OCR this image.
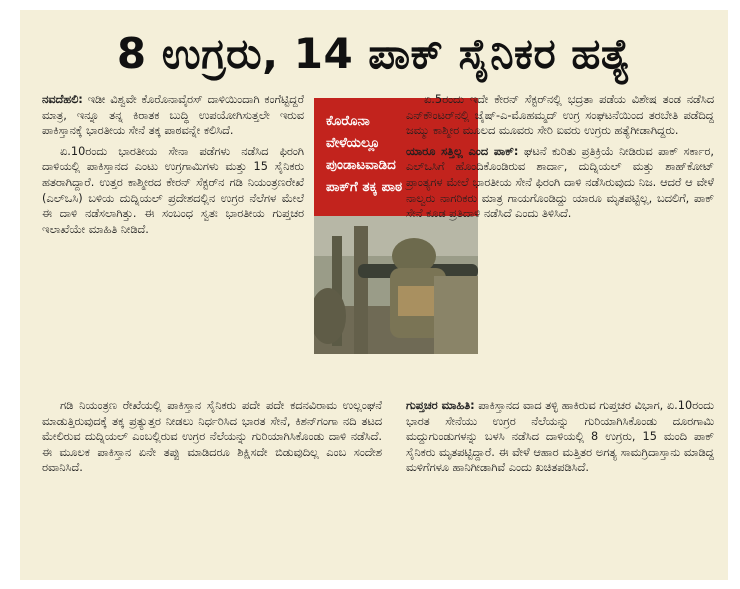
8 ಉಗ್ರರು, 14 ಪಾಕ್ ಸೈನಿಕರ ಹತ್ಯೆ

ನವದೆಹಲಿ: ಇಡೀ ವಿಶ್ವವೇ ಕೊರೊನಾವೈರಸ್ ದಾಳಿಯಿಂದಾಗಿ ಕಂಗೆಟ್ಟಿದ್ದರೆ ಮಾತ್ರ, ಇನ್ನೂ ತನ್ನ ಕಿರಾತಕ ಬುದ್ಧಿ ಉಪಯೋಗಿಸುತ್ತಲೇ ಇರುವ ಪಾಕಿಸ್ತಾನಕ್ಕೆ ಭಾರತೀಯ ಸೇನೆ ತಕ್ಕ ಪಾಠವನ್ನೇ ಕಲಿಸಿದೆ.

ಏ.10ರಂದು ಭಾರತೀಯ ಸೇನಾ ಪಡೆಗಳು ನಡೆಸಿದ ಫಿರಂಗಿ ದಾಳಿಯಲ್ಲಿ ಪಾಕಿಸ್ತಾನದ ಎಂಟು ಉಗ್ರಗಾಮಿಗಳು ಮತ್ತು 15 ಸೈನಿಕರು ಹತರಾಗಿದ್ದಾರೆ. ಉತ್ತರ ಕಾಶ್ಮೀರದ ಕೇರನ್ ಸೆಕ್ಟರ್‌ನ ಗಡಿ ನಿಯಂತ್ರಣರೇಖೆ (ಎಲ್‌ಒಸಿ) ಬಳಿಯ ದುದ್ನಿಯಲ್ ಪ್ರದೇಶದಲ್ಲಿನ ಉಗ್ರರ ನೆಲೆಗಳ ಮೇಲೆ ಈ ದಾಳಿ ನಡೆಸಲಾಗಿತ್ತು. ಈ ಸಂಬಂಧ ಸ್ವತಃ ಭಾರತೀಯ ಗುಪ್ತಚರ ಇಲಾಖೆಯೇ ಮಾಹಿತಿ ನೀಡಿದೆ.

ಕೊರೊನಾ
ವೇಳೆಯಲ್ಲೂ
ಪುಂಡಾಟವಾಡಿದ
ಪಾಕ್‌ಗೆ ತಕ್ಕ ಪಾಠ

ಏ.5ರಂದು ಇದೇ ಕೇರನ್ ಸೆಕ್ಟರ್‌ನಲ್ಲಿ ಭದ್ರತಾ ಪಡೆಯ ವಿಶೇಷ ತಂಡ ನಡೆಸಿದ ಎನ್‌ಕೌಂಟರ್‌ನಲ್ಲಿ ಜೈಷ್-ಎ-ಮೊಹಮ್ಮದ್ ಉಗ್ರ ಸಂಘಟನೆಯಿಂದ ತರಬೇತಿ ಪಡೆದಿದ್ದ ಜಮ್ಮು ಕಾಶ್ಮೀರ ಮೂಲದ ಮೂವರು ಸೇರಿ ಐವರು ಉಗ್ರರು ಹತ್ಯೆಗೀಡಾಗಿದ್ದರು.

ಯಾರೂ ಸತ್ತಿಲ್ಲ ಎಂದ ಪಾಕ್: ಘಟನೆ ಕುರಿತು ಪ್ರತಿಕ್ರಿಯೆ ನೀಡಿರುವ ಪಾಕ್ ಸರ್ಕಾರ, ಎಲ್‌ಒಸಿಗೆ ಹೊಂದಿಕೊಂಡಿರುವ ಶಾರ್ದಾ, ದುದ್ನಿಯಲ್ ಮತ್ತು ಶಾಹ್‌ಕೋಟ್ ಪ್ರಾಂತ್ಯಗಳ ಮೇಲೆ ಭಾರತೀಯ ಸೇನೆ ಫಿರಂಗಿ ದಾಳಿ ನಡೆಸಿರುವುದು ನಿಜ. ಆದರೆ ಆ ವೇಳೆ ನಾಲ್ವರು ನಾಗರಿಕರು ಮಾತ್ರ ಗಾಯಗೊಂಡಿದ್ದು ಯಾರೂ ಮೃತಪಟ್ಟಿಲ್ಲ, ಬದಲಿಗೆ, ಪಾಕ್ ಸೇನೆ ಕೂಡ ಪ್ರತಿದಾಳಿ ನಡೆಸಿದೆ ಎಂದು ತಿಳಿಸಿದೆ.

ಗಡಿ ನಿಯಂತ್ರಣ ರೇಖೆಯಲ್ಲಿ ಪಾಕಿಸ್ತಾನ ಸೈನಿಕರು ಪದೇ ಪದೇ ಕದನವಿರಾಮ ಉಲ್ಲಂಘನೆ ಮಾಡುತ್ತಿರುವುದಕ್ಕೆ ತಕ್ಕ ಪ್ರತ್ಯುತ್ತರ ನೀಡಲು ನಿರ್ಧರಿಸಿದ ಭಾರತ ಸೇನೆ, ಕಿಶನ್‌ಗಂಗಾ ನದಿ ತಟದ ಮೇಲಿರುವ ದುದ್ನಿಯಲ್ ಎಂಬಲ್ಲಿರುವ ಉಗ್ರರ ನೆಲೆಯನ್ನು ಗುರಿಯಾಗಿಸಿಕೊಂಡು ದಾಳಿ ನಡೆಸಿದೆ. ಈ ಮೂಲಕ ಪಾಕಿಸ್ತಾನ ಏನೇ ತಪ್ಪು ಮಾಡಿದರೂ ಶಿಕ್ಷಿಸದೇ ಬಿಡುವುದಿಲ್ಲ ಎಂಬ ಸಂದೇಶ ರವಾನಿಸಿದೆ.

ಗುಪ್ತಚರ ಮಾಹಿತಿ: ಪಾಕಿಸ್ತಾನದ ವಾದ ತಳ್ಳಿ ಹಾಕಿರುವ ಗುಪ್ತಚರ ವಿಭಾಗ, ಏ.10ರಂದು ಭಾರತ ಸೇನೆಯು ಉಗ್ರರ ನೆಲೆಯನ್ನು ಗುರಿಯಾಗಿಸಿಕೊಂಡು ದೂರಗಾಮಿ ಮದ್ದುಗುಂಡುಗಳನ್ನು ಬಳಸಿ ನಡೆಸಿದ ದಾಳಿಯಲ್ಲಿ 8 ಉಗ್ರರು, 15 ಮಂದಿ ಪಾಕ್ ಸೈನಿಕರು ಮೃತಪಟ್ಟಿದ್ದಾರೆ. ಈ ವೇಳೆ ಆಹಾರ ಮತ್ತಿತರ ಅಗತ್ಯ ಸಾಮಗ್ರಿದಾಸ್ತಾನು ಮಾಡಿದ್ದ ಮಳಿಗೆಗಳೂ ಹಾನಿಗೀಡಾಗಿವೆ ಎಂದು ಖಚಿತಪಡಿಸಿದೆ.
